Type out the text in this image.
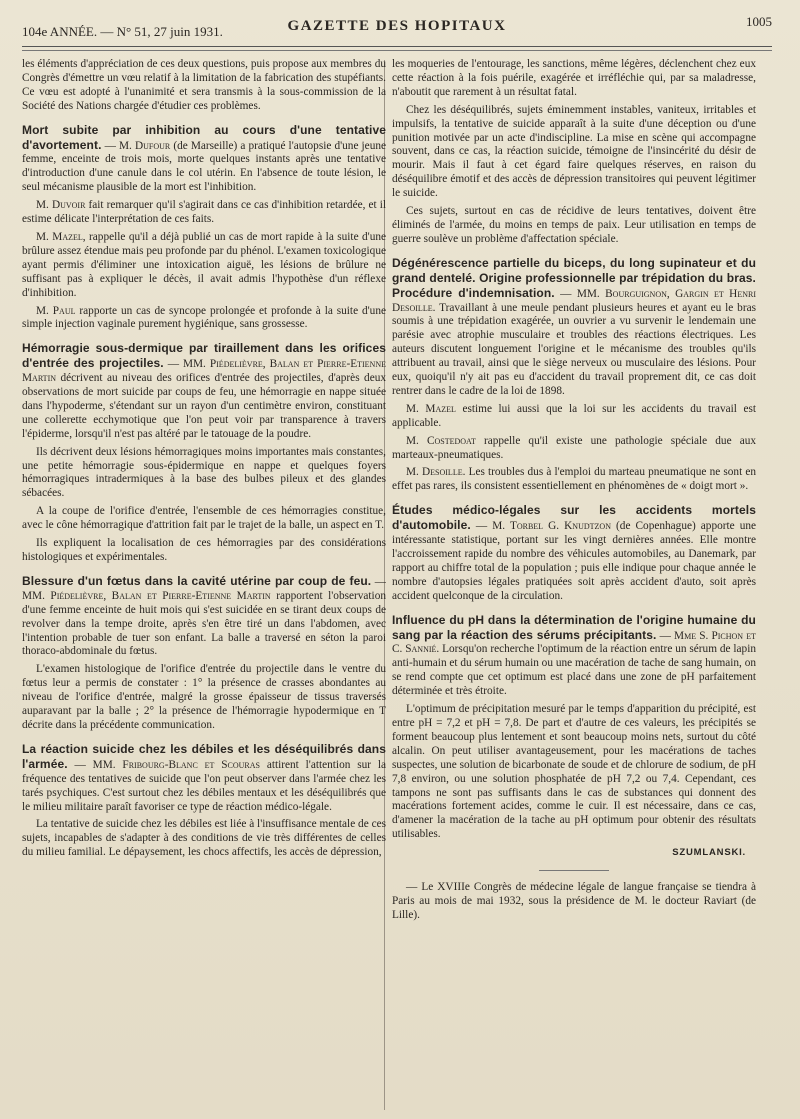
104e ANNÉE. — N° 51, 27 juin 1931.	GAZETTE DES HOPITAUX	1005

les éléments d'appréciation de ces deux questions, puis propose aux membres du Congrès d'émettre un vœu relatif à la limitation de la fabrication des stupéfiants. Ce vœu est adopté à l'unanimité et sera transmis à la sous-commission de la Société des Nations chargée d'étudier ces problèmes.

Mort subite par inhibition au cours d'une tentative d'avortement. — M. Dufour (de Marseille) a pratiqué l'autopsie d'une jeune femme, enceinte de trois mois, morte quelques instants après une tentative d'introduction d'une canule dans le col utérin. En l'absence de toute lésion, le seul mécanisme plausible de la mort est l'inhibition.

M. Duvoir fait remarquer qu'il s'agirait dans ce cas d'inhibition retardée, et il estime délicate l'interprétation de ces faits.

M. Mazel, rappelle qu'il a déjà publié un cas de mort rapide à la suite d'une brûlure assez étendue mais peu profonde par du phénol. L'examen toxicologique ayant permis d'éliminer une intoxication aiguë, les lésions de brûlure ne suffisant pas à expliquer le décès, il avait admis l'hypothèse d'un réflexe d'inhibition.

M. Paul rapporte un cas de syncope prolongée et profonde à la suite d'une simple injection vaginale purement hygiénique, sans grossesse.

Hémorragie sous-dermique par tiraillement dans les orifices d'entrée des projectiles. — MM. Piédelièvre, Balan et Pierre-Etienne Martin décrivent au niveau des orifices d'entrée des projectiles, d'après deux observations de mort suicide par coups de feu, une hémorragie en nappe située dans l'hypoderme, s'étendant sur un rayon d'un centimètre environ, constituant une collerette ecchymotique que l'on peut voir par transparence à travers l'épiderme, lorsqu'il n'est pas altéré par le tatouage de la poudre.

Ils décrivent deux lésions hémorragiques moins importantes mais constantes, une petite hémorragie sous-épidermique en nappe et quelques foyers hémorragiques intradermiques à la base des bulbes pileux et des glandes sébacées.

A la coupe de l'orifice d'entrée, l'ensemble de ces hémorragies constitue, avec le cône hémorragique d'attrition fait par le trajet de la balle, un aspect en T.

Ils expliquent la localisation de ces hémorragies par des considérations histologiques et expérimentales.

Blessure d'un fœtus dans la cavité utérine par coup de feu. — MM. Piédelièvre, Balan et Pierre-Etienne Martin rapportent l'observation d'une femme enceinte de huit mois qui s'est suicidée en se tirant deux coups de revolver dans la tempe droite, après s'en être tiré un dans l'abdomen, avec l'intention probable de tuer son enfant. La balle a traversé en séton la paroi thoraco-abdominale du fœtus.

L'examen histologique de l'orifice d'entrée du projectile dans le ventre du fœtus leur a permis de constater : 1° la présence de crasses abondantes au niveau de l'orifice d'entrée, malgré la grosse épaisseur de tissus traversés auparavant par la balle ; 2° la présence de l'hémorragie hypodermique en T décrite dans la précédente communication.

La réaction suicide chez les débiles et les déséquilibrés dans l'armée. — MM. Fribourg-Blanc et Scouras attirent l'attention sur la fréquence des tentatives de suicide que l'on peut observer dans l'armée chez les tarés psychiques. C'est surtout chez les débiles mentaux et les déséquilibrés que le milieu militaire paraît favoriser ce type de réaction médico-légale.

La tentative de suicide chez les débiles est liée à l'insuffisance mentale de ces sujets, incapables de s'adapter à des conditions de vie très différentes de celles du milieu familial. Le dépaysement, les chocs affectifs, les accès de dépression,

les moqueries de l'entourage, les sanctions, même légères, déclenchent chez eux cette réaction à la fois puérile, exagérée et irréfléchie qui, par sa maladresse, n'aboutit que rarement à un résultat fatal.

Chez les déséquilibrés, sujets éminemment instables, vaniteux, irritables et impulsifs, la tentative de suicide apparaît à la suite d'une déception ou d'une punition motivée par un acte d'indiscipline. La mise en scène qui accompagne souvent, dans ce cas, la réaction suicide, témoigne de l'insincérité du désir de mourir. Mais il faut à cet égard faire quelques réserves, en raison du déséquilibre émotif et des accès de dépression transitoires qui peuvent légitimer le suicide.

Ces sujets, surtout en cas de récidive de leurs tentatives, doivent être éliminés de l'armée, du moins en temps de paix. Leur utilisation en temps de guerre soulève un problème d'affectation spéciale.

Dégénérescence partielle du biceps, du long supinateur et du grand dentelé. Origine professionnelle par trépidation du bras. Procédure d'indemnisation. — MM. Bourguignon, Gargin et Henri Desoille. Travaillant à une meule pendant plusieurs heures et ayant eu le bras soumis à une trépidation exagérée, un ouvrier a vu survenir le lendemain une parésie avec atrophie musculaire et troubles des réactions électriques. Les auteurs discutent longuement l'origine et le mécanisme des troubles qu'ils attribuent au travail, ainsi que le siège nerveux ou musculaire des lésions. Pour eux, quoiqu'il n'y ait pas eu d'accident du travail proprement dit, ce cas doit rentrer dans le cadre de la loi de 1898.

M. Mazel estime lui aussi que la loi sur les accidents du travail est applicable.

M. Costedoat rappelle qu'il existe une pathologie spéciale due aux marteaux-pneumatiques.

M. Desoille. Les troubles dus à l'emploi du marteau pneumatique ne sont en effet pas rares, ils consistent essentiellement en phénomènes de « doigt mort ».

Études médico-légales sur les accidents mortels d'automobile. — M. Torbel G. Knudtzon (de Copenhague) apporte une intéressante statistique, portant sur les vingt dernières années. Elle montre l'accroissement rapide du nombre des véhicules automobiles, au Danemark, par rapport au chiffre total de la population ; puis elle indique pour chaque année le nombre d'autopsies légales pratiquées soit après accident d'auto, soit après accident quelconque de la circulation.

Influence du pH dans la détermination de l'origine humaine du sang par la réaction des sérums précipitants. — Mme S. Pichon et C. Sannié. Lorsqu'on recherche l'optimum de la réaction entre un sérum de lapin anti-humain et du sérum humain ou une macération de tache de sang humain, on se rend compte que cet optimum est placé dans une zone de pH parfaitement déterminée et très étroite.

L'optimum de précipitation mesuré par le temps d'apparition du précipité, est entre pH = 7,2 et pH = 7,8. De part et d'autre de ces valeurs, les précipités se forment beaucoup plus lentement et sont beaucoup moins nets, surtout du côté alcalin. On peut utiliser avantageusement, pour les macérations de taches suspectes, une solution de bicarbonate de soude et de chlorure de sodium, de pH 7,8 environ, ou une solution phosphatée de pH 7,2 ou 7,4. Cependant, ces tampons ne sont pas suffisants dans le cas de substances qui donnent des macérations fortement acides, comme le cuir. Il est nécessaire, dans ce cas, d'amener la macération de la tache au pH optimum pour obtenir des résultats utilisables.

SZUMLANSKI.

— Le XVIIIe Congrès de médecine légale de langue française se tiendra à Paris au mois de mai 1932, sous la présidence de M. le docteur Raviart (de Lille).
